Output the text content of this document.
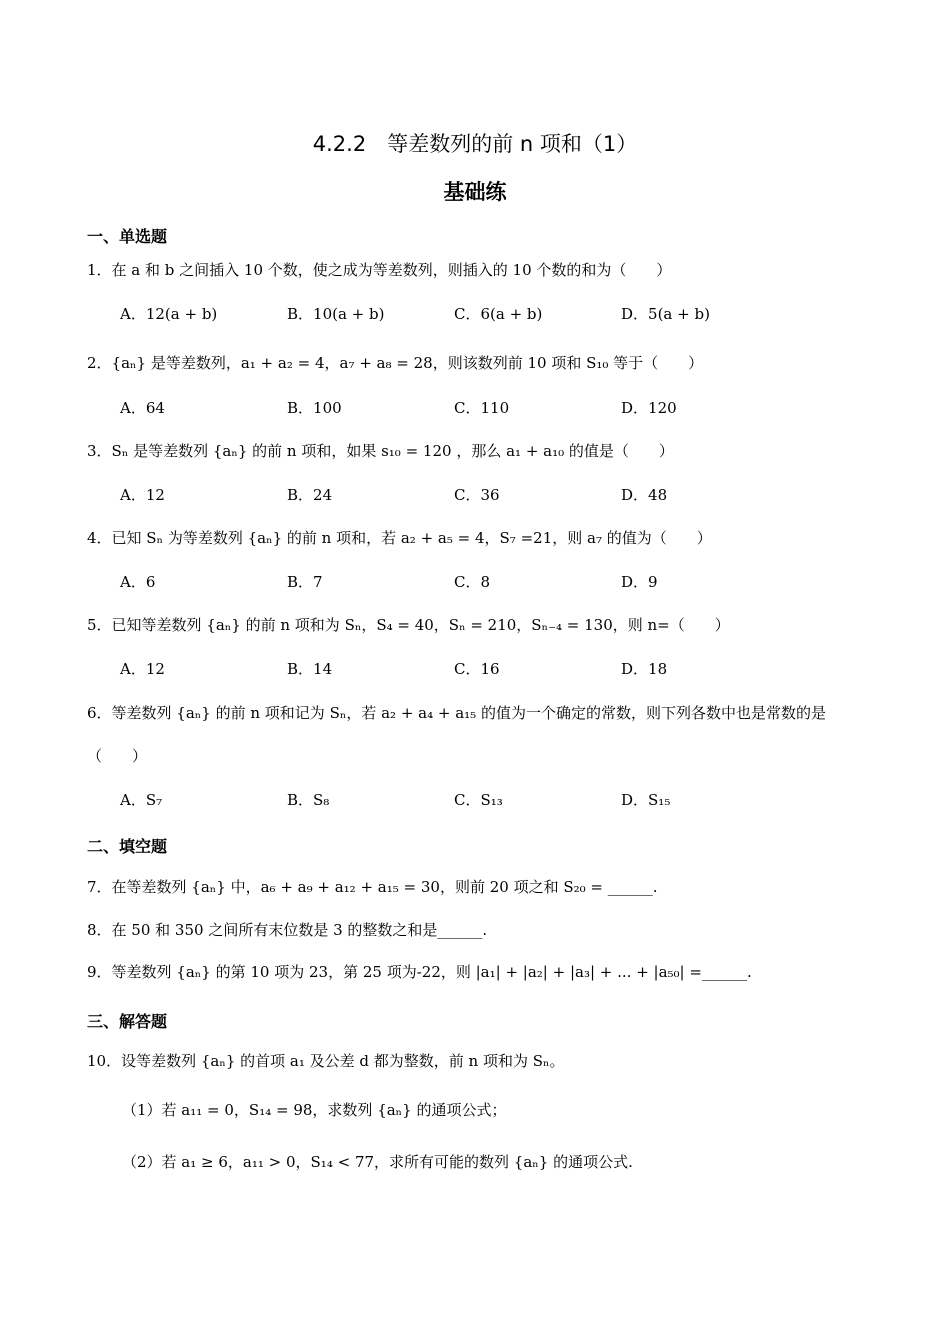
4.2.2　等差数列的前 n 项和（1）
基础练
一、单选题
1．在 a 和 b 之间插入 10 个数，使之成为等差数列，则插入的 10 个数的和为（　　）
A．12(a + b)	B．10(a + b)	C．6(a + b)	D．5(a + b)
2．{aₙ} 是等差数列，a₁ + a₂ = 4，a₇ + a₈ = 28，则该数列前 10 项和 S₁₀ 等于（　　）
A．64	B．100	C．110	D．120
3．Sₙ 是等差数列 {aₙ} 的前 n 项和，如果 s₁₀ = 120 ，那么 a₁ + a₁₀ 的值是（　　）
A．12	B．24	C．36	D．48
4．已知 Sₙ 为等差数列 {aₙ} 的前 n 项和，若 a₂ + a₅ = 4，S₇ =21，则 a₇ 的值为（　　）
A．6	B．7	C．8	D．9
5．已知等差数列 {aₙ} 的前 n 项和为 Sₙ，S₄ = 40，Sₙ = 210，Sₙ₋₄ = 130，则 n=（　　）
A．12	B．14	C．16	D．18
6．等差数列 {aₙ} 的前 n 项和记为 Sₙ，若 a₂ + a₄ + a₁₅ 的值为一个确定的常数，则下列各数中也是常数的是
（　　）
A．S₇	B．S₈	C．S₁₃	D．S₁₅
二、填空题
7．在等差数列 {aₙ} 中，a₆ + a₉ + a₁₂ + a₁₅ = 30，则前 20 项之和 S₂₀ = ______.
8．在 50 和 350 之间所有末位数是 3 的整数之和是______.
9．等差数列 {aₙ} 的第 10 项为 23，第 25 项为-22，则 |a₁| + |a₂| + |a₃| + ... + |a₅₀| =______.
三、解答题
10．设等差数列 {aₙ} 的首项 a₁ 及公差 d 都为整数，前 n 项和为 Sₙ。
（1）若 a₁₁ = 0，S₁₄ = 98，求数列 {aₙ} 的通项公式；
（2）若 a₁ ≥ 6，a₁₁ > 0，S₁₄ < 77，求所有可能的数列 {aₙ} 的通项公式.
